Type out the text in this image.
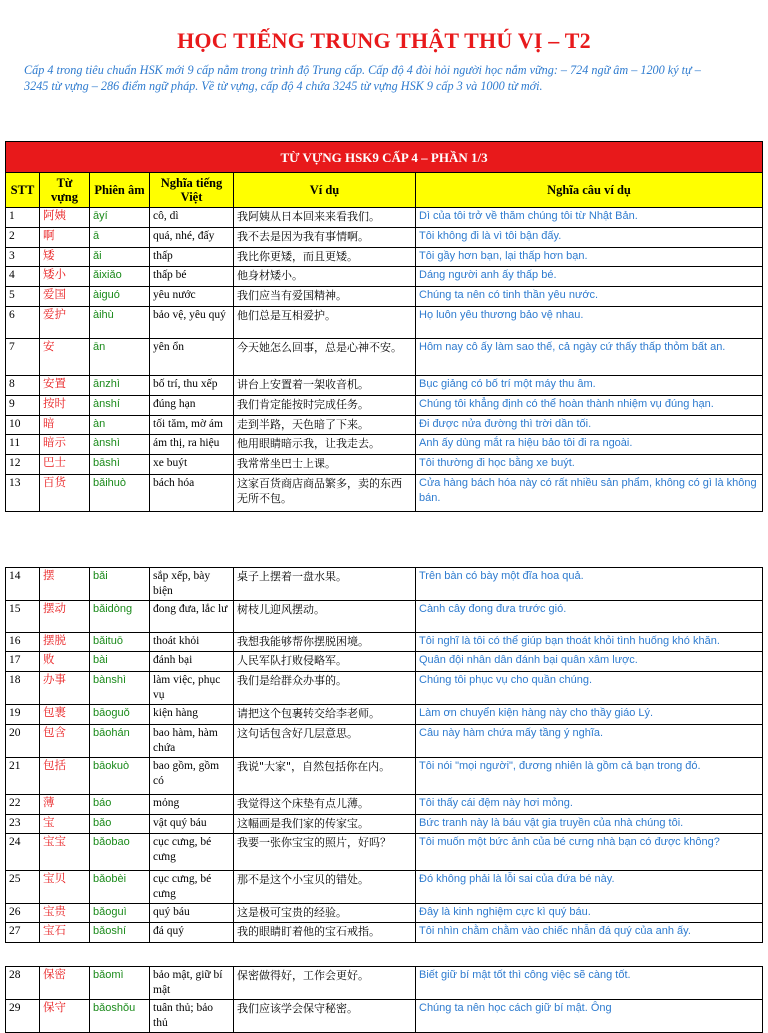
HỌC TIẾNG TRUNG THẬT THÚ VỊ – T2
Cấp 4 trong tiêu chuẩn HSK mới 9 cấp nằm trong trình độ Trung cấp. Cấp độ 4 đòi hỏi người học nắm vững: – 724 ngữ âm – 1200 ký tự – 3245 từ vựng – 286 điểm ngữ pháp. Về từ vựng, cấp độ 4 chứa 3245 từ vựng HSK 9 cấp 3 và 1000 từ mới.
TỪ VỰNG HSK9 CẤP 4 – PHẦN 1/3					
STT	Từ vựng	Phiên âm	Nghĩa tiếng Việt	Ví dụ	Nghĩa câu ví dụ
1	阿姨	āyí	cô, dì	我阿姨从日本回来来看我们。	Dì của tôi trở về thăm chúng tôi từ Nhật Bản.
2	啊	ā	quá, nhé, đấy	我不去是因为我有事情啊。	Tôi không đi là vì tôi bận đấy.
3	矮	ǎi	thấp	我比你更矮，而且更矮。	Tôi gầy hơn bạn, lại thấp hơn bạn.
4	矮小	ǎixiǎo	thấp bé	他身材矮小。	Dáng người anh ấy thấp bé.
5	爱国	àiguó	yêu nước	我们应当有爱国精神。	Chúng ta nên có tinh thần yêu nước.
6	爱护	àihù	bảo vệ, yêu quý	他们总是互相爱护。	Họ luôn yêu thương bảo vệ nhau.
7	安	ān	yên ổn	今天她怎么回事，总是心神不安。	Hôm nay cô ấy làm sao thế, cả ngày cứ thấy thấp thỏm bất an.
8	安置	ānzhì	bố trí, thu xếp	讲台上安置着一架收音机。	Bục giảng có bố trí một máy thu âm.
9	按时	ànshí	đúng hạn	我们肯定能按时完成任务。	Chúng tôi khẳng định có thể hoàn thành nhiệm vụ đúng hạn.
10	暗	àn	tối tăm, mờ ám	走到半路，天色暗了下来。	Đi được nửa đường thì trời dần tối.
11	暗示	ànshì	ám thị, ra hiệu	他用眼睛暗示我，让我走去。	Anh ấy dùng mắt ra hiệu bảo tôi đi ra ngoài.
12	巴士	bāshì	xe buýt	我常常坐巴士上课。	Tôi thường đi học bằng xe buýt.
13	百货	bǎihuò	bách hóa	这家百货商店商品繁多，卖的东西无所不包。	Cửa hàng bách hóa này có rất nhiều sản phẩm, không có gì là không bán.
14	摆	bǎi	sắp xếp, bày biện	桌子上摆着一盘水果。	Trên bàn có bày một đĩa hoa quả.
15	摆动	bǎidòng	đong đưa, lắc lư	树枝儿迎风摆动。	Cành cây đong đưa trước gió.
16	摆脱	bǎituō	thoát khỏi	我想我能够帮你摆脱困境。	Tôi nghĩ là tôi có thể giúp bạn thoát khỏi tình huống khó khăn.
17	败	bài	đánh bại	人民军队打败侵略军。	Quân đội nhân dân đánh bại quân xâm lược.
18	办事	bànshì	làm việc, phục vụ	我们是给群众办事的。	Chúng tôi phục vụ cho quần chúng.
19	包裹	bāoguǒ	kiện hàng	请把这个包裹转交给李老师。	Làm ơn chuyển kiện hàng này cho thầy giáo Lý.
20	包含	bāohán	bao hàm, hàm chứa	这句话包含好几层意思。	Câu này hàm chứa mấy tầng ý nghĩa.
21	包括	bāokuò	bao gồm, gồm có	我说"大家"，自然包括你在内。	Tôi nói "mọi người", đương nhiên là gồm cả bạn trong đó.
22	薄	báo	mỏng	我觉得这个床垫有点儿薄。	Tôi thấy cái đệm này hơi mỏng.
23	宝	bǎo	vật quý báu	这幅画是我们家的传家宝。	Bức tranh này là báu vật gia truyền của nhà chúng tôi.
24	宝宝	bǎobao	cục cưng, bé cưng	我要一张你宝宝的照片，好吗？	Tôi muốn một bức ảnh của bé cưng nhà bạn có được không?
25	宝贝	bǎobèi	cục cưng, bé cưng	那不是这个小宝贝的错处。	Đó không phải là lỗi sai của đứa bé này.
26	宝贵	bǎoguì	quý báu	这是极可宝贵的经验。	Đây là kinh nghiệm cực kì quý báu.
27	宝石	bǎoshí	đá quý	我的眼睛盯着他的宝石戒指。	Tôi nhìn chằm chằm vào chiếc nhẫn đá quý của anh ấy.
28	保密	bǎomì	bảo mật, giữ bí mật	保密做得好，工作会更好。	Biết giữ bí mật tốt thì công việc sẽ càng tốt.
29	保守	bǎoshǒu	tuân thủ; bảo thủ	我们应该学会保守秘密。	Chúng ta nên học cách giữ bí mật. Ông
